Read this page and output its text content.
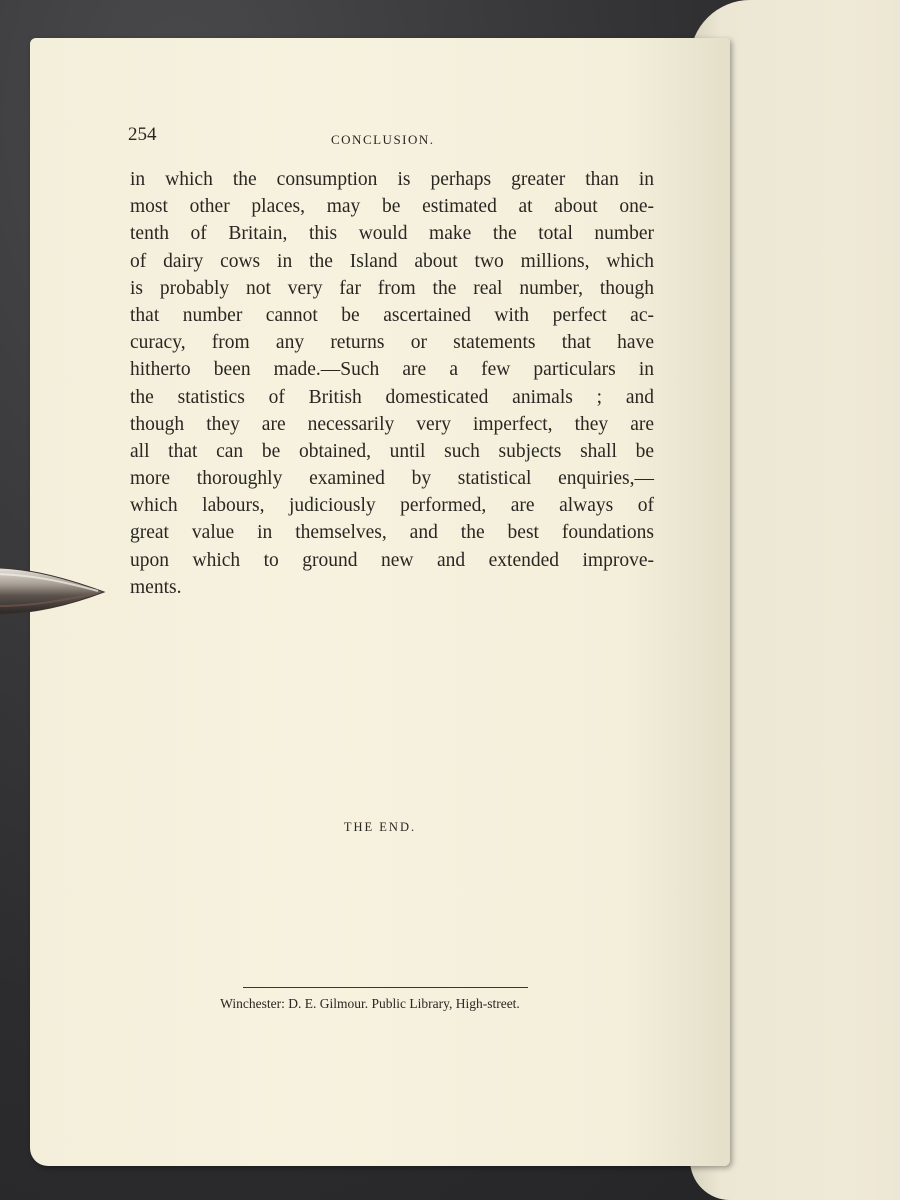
254	CONCLUSION.
in which the consumption is perhaps greater than in
most other places, may be estimated at about one-
tenth of Britain, this would make the total number
of dairy cows in the Island about two millions, which
is probably not very far from the real number, though
that number cannot be ascertained with perfect ac-
curacy, from any returns or statements that have
hitherto been made.—Such are a few particulars in
the statistics of British domesticated animals ; and
though they are necessarily very imperfect, they are
all that can be obtained, until such subjects shall be
more thoroughly examined by statistical enquiries,—
which labours, judiciously performed, are always of
great value in themselves, and the best foundations
upon which to ground new and extended improve-
ments.
THE END.
Winchester: D. E. Gilmour. Public Library, High-street.
